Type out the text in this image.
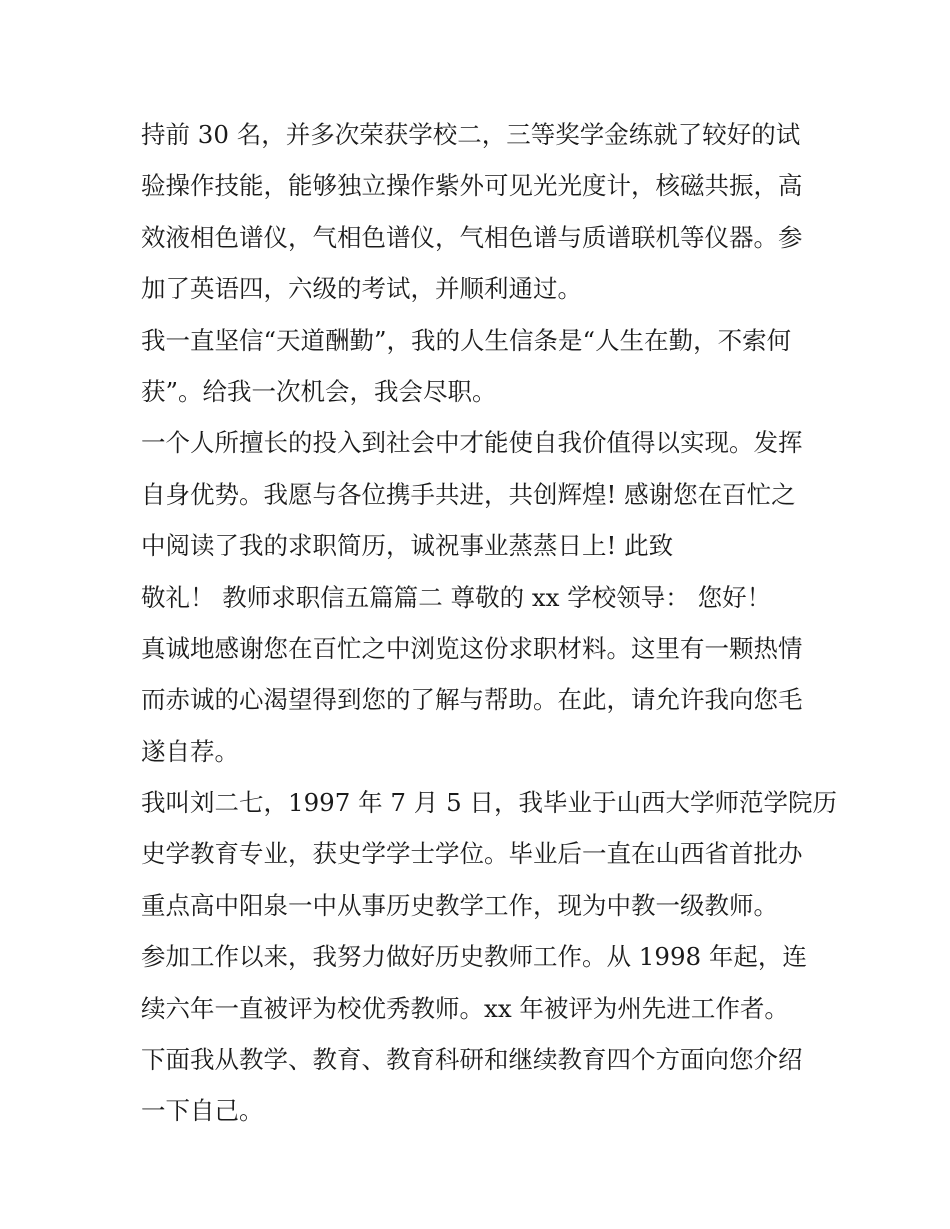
持前 30 名，并多次荣获学校二，三等奖学金练就了较好的试
验操作技能，能够独立操作紫外可见光光度计，核磁共振，高
效液相色谱仪，气相色谱仪，气相色谱与质谱联机等仪器。参
加了英语四，六级的考试，并顺利通过。
我一直坚信“天道酬勤”，我的人生信条是“人生在勤，不索何
获”。给我一次机会，我会尽职。
一个人所擅长的投入到社会中才能使自我价值得以实现。发挥
自身优势。我愿与各位携手共进，共创辉煌! 感谢您在百忙之
中阅读了我的求职简历，诚祝事业蒸蒸日上! 此致
敬礼！ 教师求职信五篇篇二 尊敬的 xx 学校领导： 您好！
真诚地感谢您在百忙之中浏览这份求职材料。这里有一颗热情
而赤诚的心渴望得到您的了解与帮助。在此，请允许我向您毛
遂自荐。
我叫刘二七，1997 年 7 月 5 日，我毕业于山西大学师范学院历
史学教育专业，获史学学士学位。毕业后一直在山西省首批办
重点高中阳泉一中从事历史教学工作，现为中教一级教师。
参加工作以来，我努力做好历史教师工作。从 1998 年起，连
续六年一直被评为校优秀教师。xx 年被评为州先进工作者。
下面我从教学、教育、教育科研和继续教育四个方面向您介绍
一下自己。
